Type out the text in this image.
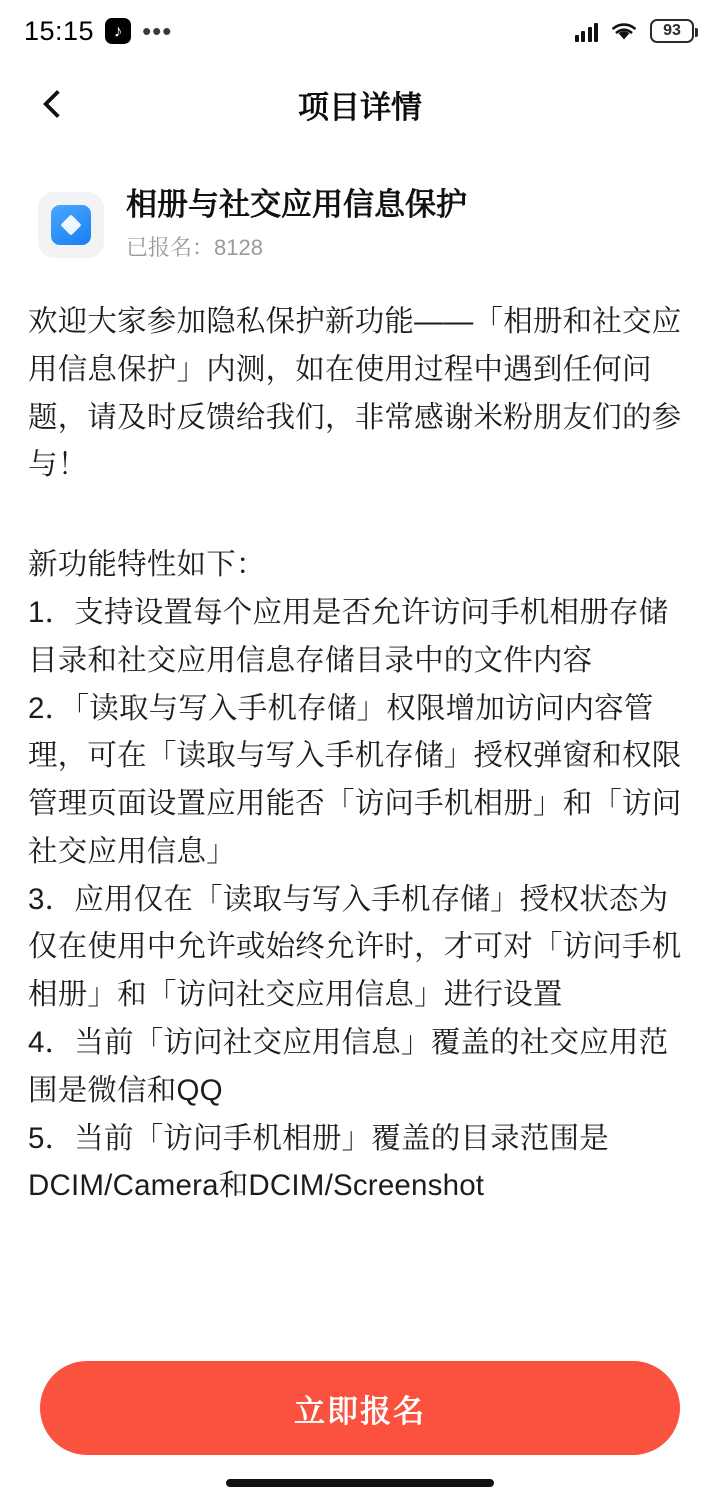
15:15 ♪ •••	93
项目详情
相册与社交应用信息保护
已报名：8128

欢迎大家参加隐私保护新功能——「相册和社交应用信息保护」内测，如在使用过程中遇到任何问题，请及时反馈给我们，非常感谢米粉朋友们的参与！

新功能特性如下：

1．支持设置每个应用是否允许访问手机相册存储目录和社交应用信息存储目录中的文件内容

2．「读取与写入手机存储」权限增加访问内容管理，可在「读取与写入手机存储」授权弹窗和权限管理页面设置应用能否「访问手机相册」和「访问社交应用信息」

3．应用仅在「读取与写入手机存储」授权状态为仅在使用中允许或始终允许时，才可对「访问手机相册」和「访问社交应用信息」进行设置

4．当前「访问社交应用信息」覆盖的社交应用范围是微信和QQ

5．当前「访问手机相册」覆盖的目录范围是DCIM/Camera和DCIM/Screenshot

立即报名
